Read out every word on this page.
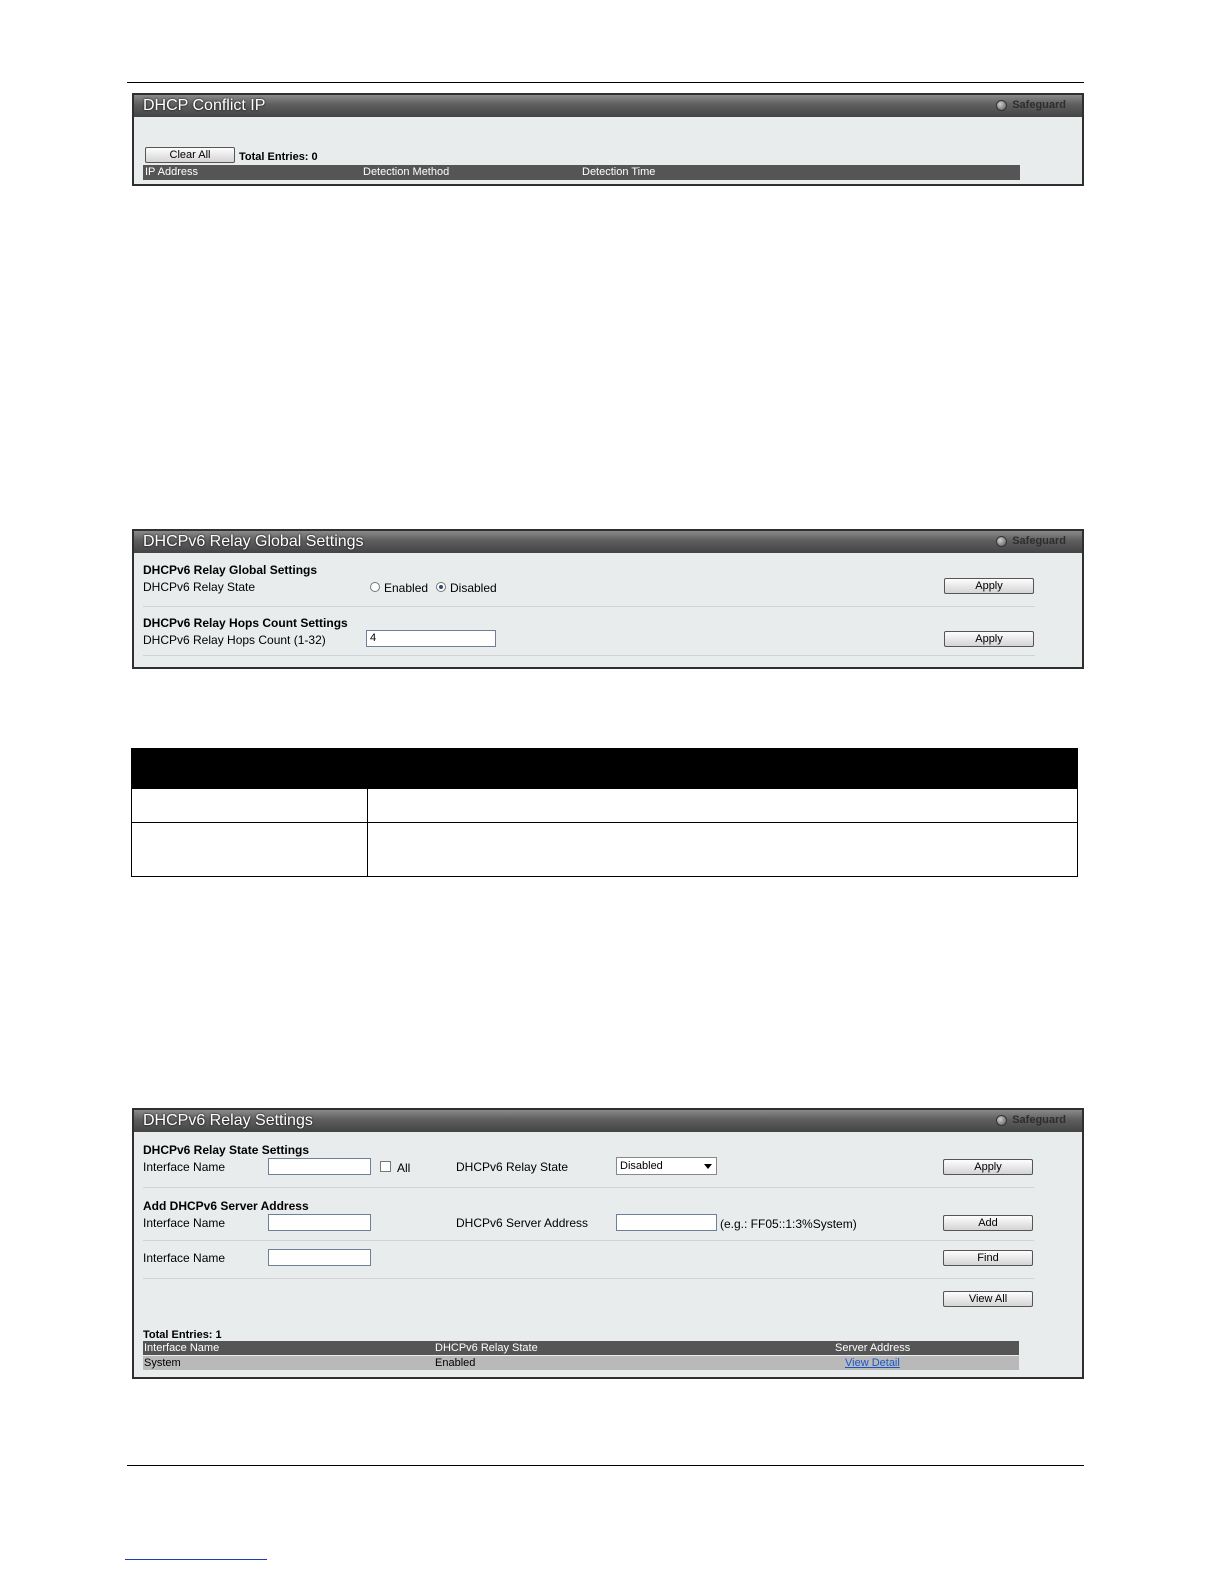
DHCP Conflict IP	Safeguard
Clear All	Total Entries: 0
IP Address	Detection Method	Detection Time
DHCPv6 Relay Global Settings	Safeguard
DHCPv6 Relay Global Settings
DHCPv6 Relay State	Enabled Disabled	Apply
DHCPv6 Relay Hops Count Settings
DHCPv6 Relay Hops Count (1-32)	4	Apply
DHCPv6 Relay Settings	Safeguard
DHCPv6 Relay State Settings
Interface Name	All	DHCPv6 Relay State	Disabled	Apply
Add DHCPv6 Server Address
Interface Name	DHCPv6 Server Address	(e.g.: FF05::1:3%System)	Add
Interface Name	Find
View All
Total Entries: 1
Interface Name	DHCPv6 Relay State	Server Address
System	Enabled	View Detail
